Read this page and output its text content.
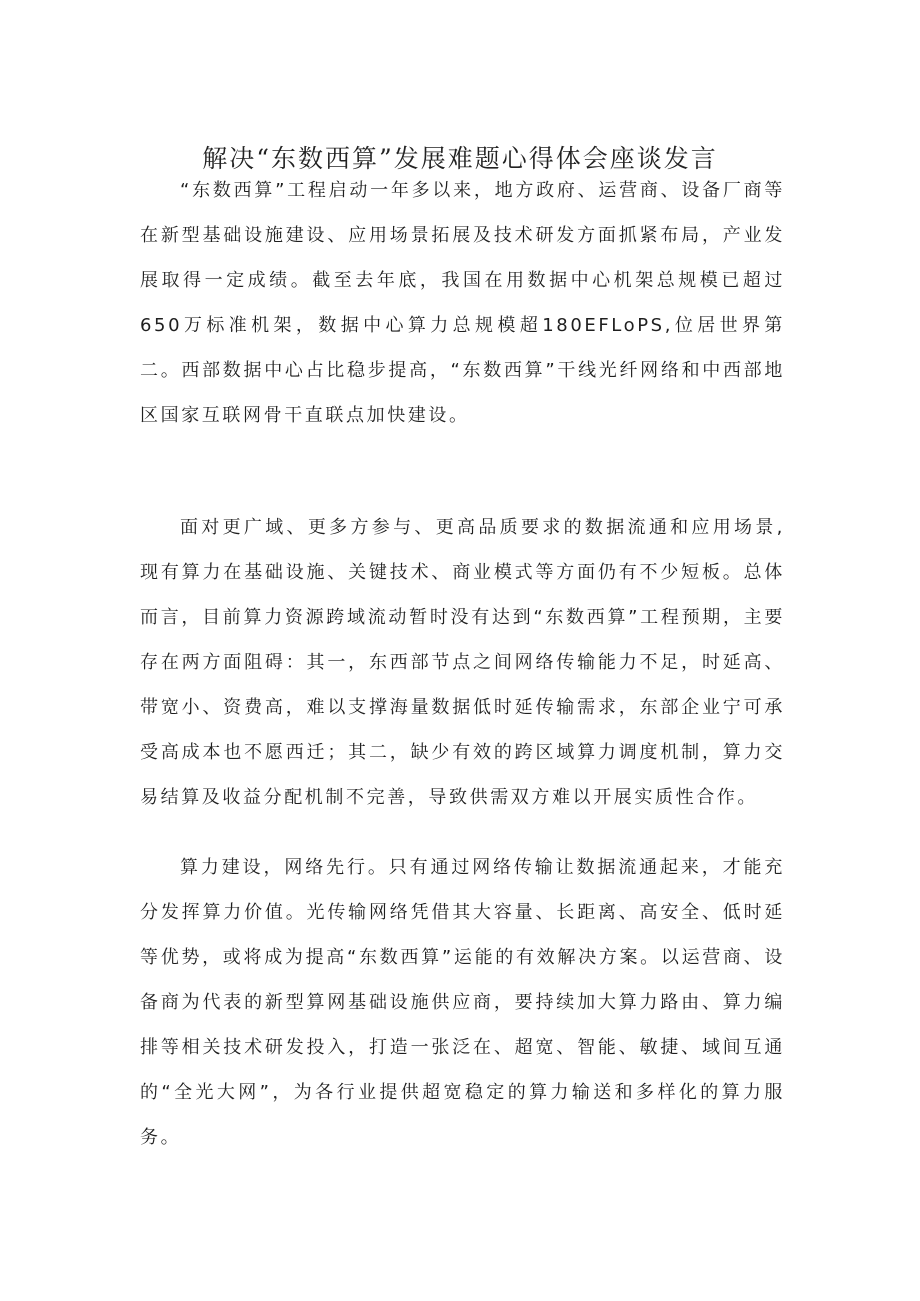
解决“东数西算”发展难题心得体会座谈发言

“东数西算”工程启动一年多以来，地方政府、运营商、设备厂商等在新型基础设施建设、应用场景拓展及技术研发方面抓紧布局，产业发展取得一定成绩。截至去年底，我国在用数据中心机架总规模已超过650万标准机架，数据中心算力总规模超180EFLoPS,位居世界第二。西部数据中心占比稳步提高，“东数西算”干线光纤网络和中西部地区国家互联网骨干直联点加快建设。

面对更广域、更多方参与、更高品质要求的数据流通和应用场景,现有算力在基础设施、关键技术、商业模式等方面仍有不少短板。总体而言，目前算力资源跨域流动暂时没有达到“东数西算”工程预期，主要存在两方面阻碍：其一，东西部节点之间网络传输能力不足，时延高、带宽小、资费高，难以支撑海量数据低时延传输需求，东部企业宁可承受高成本也不愿西迁；其二，缺少有效的跨区域算力调度机制，算力交易结算及收益分配机制不完善，导致供需双方难以开展实质性合作。

算力建设，网络先行。只有通过网络传输让数据流通起来，才能充分发挥算力价值。光传输网络凭借其大容量、长距离、高安全、低时延等优势，或将成为提高“东数西算”运能的有效解决方案。以运营商、设备商为代表的新型算网基础设施供应商，要持续加大算力路由、算力编排等相关技术研发投入，打造一张泛在、超宽、智能、敏捷、域间互通的“全光大网”，为各行业提供超宽稳定的算力输送和多样化的算力服务。
